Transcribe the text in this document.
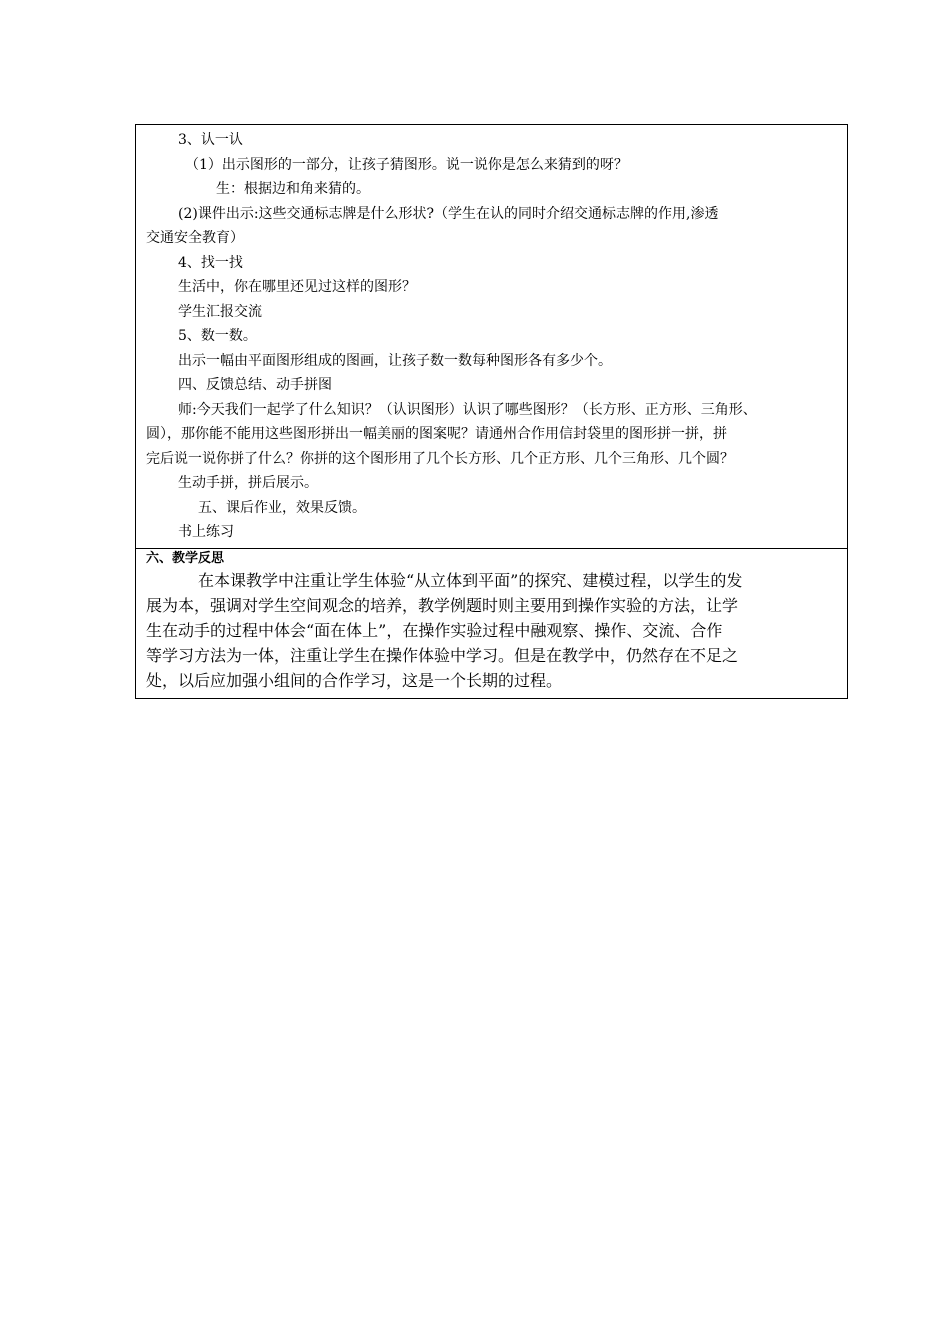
3、认一认
（1）出示图形的一部分，让孩子猜图形。说一说你是怎么来猜到的呀？
生：根据边和角来猜的。
(2)课件出示:这些交通标志牌是什么形状?（学生在认的同时介绍交通标志牌的作用,渗透
交通安全教育）
4、找一找
生活中，你在哪里还见过这样的图形？
学生汇报交流
5、数一数。
出示一幅由平面图形组成的图画，让孩子数一数每种图形各有多少个。
四、反馈总结、动手拼图
师:今天我们一起学了什么知识？（认识图形）认识了哪些图形？（长方形、正方形、三角形、
圆），那你能不能用这些图形拼出一幅美丽的图案呢？请通州合作用信封袋里的图形拼一拼，拼
完后说一说你拼了什么？你拼的这个图形用了几个长方形、几个正方形、几个三角形、几个圆？
生动手拼，拼后展示。
五、课后作业，效果反馈。
书上练习
六、教学反思
在本课教学中注重让学生体验“从立体到平面”的探究、建模过程，以学生的发
展为本，强调对学生空间观念的培养，教学例题时则主要用到操作实验的方法，让学
生在动手的过程中体会“面在体上”，在操作实验过程中融观察、操作、交流、合作
等学习方法为一体，注重让学生在操作体验中学习。但是在教学中，仍然存在不足之
处，以后应加强小组间的合作学习，这是一个长期的过程。
